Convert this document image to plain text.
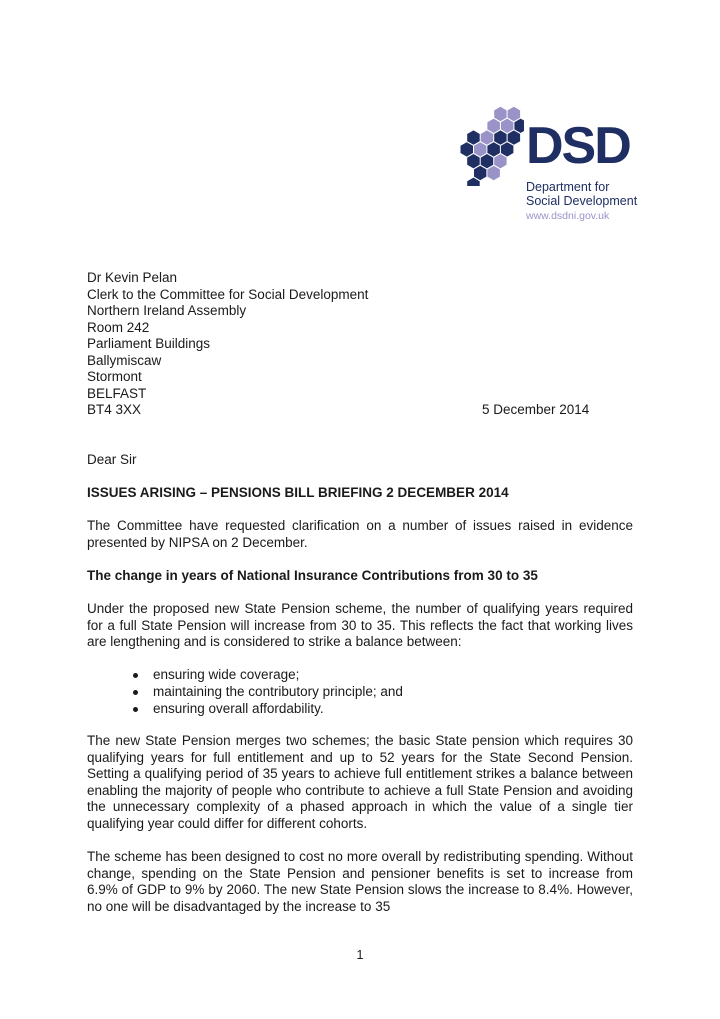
DSD
Department for
Social Development
www.dsdni.gov.uk
Dr Kevin Pelan
Clerk to the Committee for Social Development
Northern Ireland Assembly
Room 242
Parliament Buildings
Ballymiscaw
Stormont
BELFAST
BT4 3XX	5 December 2014
Dear Sir
ISSUES ARISING – PENSIONS BILL BRIEFING 2 DECEMBER 2014
The Committee have requested clarification on a number of issues raised in evidence presented by NIPSA on 2 December.
The change in years of National Insurance Contributions from 30 to 35
Under the proposed new State Pension scheme, the number of qualifying years required for a full State Pension will increase from 30 to 35. This reflects the fact that working lives are lengthening and is considered to strike a balance between:
ensuring wide coverage;
maintaining the contributory principle; and
ensuring overall affordability.
The new State Pension merges two schemes; the basic State pension which requires 30 qualifying years for full entitlement and up to 52 years for the State Second Pension. Setting a qualifying period of 35 years to achieve full entitlement strikes a balance between enabling the majority of people who contribute to achieve a full State Pension and avoiding the unnecessary complexity of a phased approach in which the value of a single tier qualifying year could differ for different cohorts.
The scheme has been designed to cost no more overall by redistributing spending. Without change, spending on the State Pension and pensioner benefits is set to increase from 6.9% of GDP to 9% by 2060. The new State Pension slows the increase to 8.4%. However, no one will be disadvantaged by the increase to 35
1
